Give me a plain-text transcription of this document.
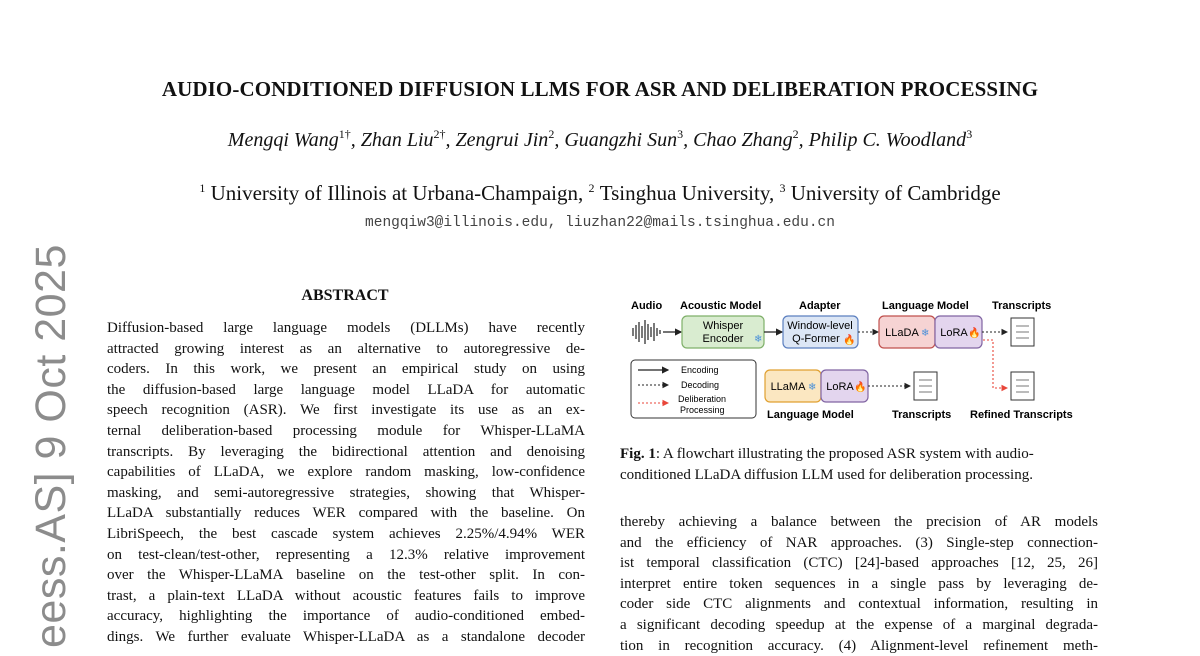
AUDIO-CONDITIONED DIFFUSION LLMS FOR ASR AND DELIBERATION PROCESSING
Mengqi Wang$^{1\dagger}$, Zhan Liu$^{2\dagger}$, Zengrui Jin$^2$, Guangzhi Sun$^3$, Chao Zhang$^2$, Philip C. Woodland$^3$
$^1$ University of Illinois at Urbana-Champaign, $^2$ Tsinghua University, $^3$ University of Cambridge
mengqiw3@illinois.edu, liuzhan22@mails.tsinghua.edu.cn
eess.AS] 9 Oct 2025	ABSTRACT
Diffusion-based large language models (DLLMs) have recently
attracted growing interest as an alternative to autoregressive de-
coders. In this work, we present an empirical study on using
the diffusion-based large language model LLaDA for automatic
speech recognition (ASR). We first investigate its use as an ex-
ternal deliberation-based processing module for Whisper-LLaMA
transcripts. By leveraging the bidirectional attention and denoising
capabilities of LLaDA, we explore random masking, low-confidence
masking, and semi-autoregressive strategies, showing that Whisper-
LLaDA substantially reduces WER compared with the baseline. On
LibriSpeech, the best cascade system achieves 2.25%/4.94% WER
on test-clean/test-other, representing a 12.3% relative improvement
over the Whisper-LLaMA baseline on the test-other split. In con-
trast, a plain-text LLaDA without acoustic features fails to improve
accuracy, highlighting the importance of audio-conditioned embed-
dings. We further evaluate Whisper-LLaDA as a standalone decoder
Audio Acoustic Model	Adapter	Language Model Transcripts
Whisper
Encoder ❄
Window-level
Q-Former 🔥
LLaDA ❄ LoRA 🔥
Encoding
Decoding
Deliberation
Processing
LLaMA ❄ LoRA 🔥
Language Model	Transcripts Refined Transcripts
Fig. 1: A flowchart illustrating the proposed ASR system with audio-conditioned LLaDA diffusion LLM used for deliberation processing.
thereby achieving a balance between the precision of AR models
and the efficiency of NAR approaches. (3) Single-step connection-
ist temporal classification (CTC) [24]-based approaches [12, 25, 26]
interpret entire token sequences in a single pass by leveraging de-
coder side CTC alignments and contextual information, resulting in
a significant decoding speedup at the expense of a marginal degrada-
tion in recognition accuracy. (4) Alignment-level refinement meth-
